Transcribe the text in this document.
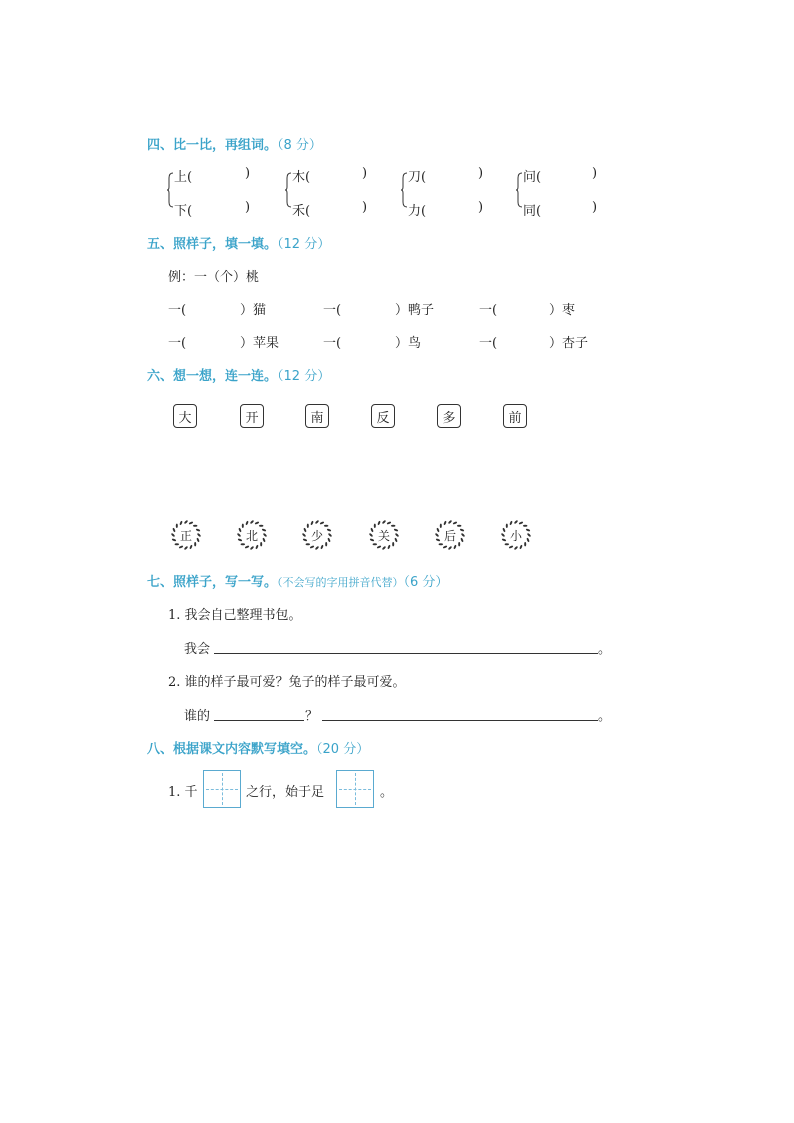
四、比一比，再组词。（8 分）
上(	)
下(	)
木(	)
禾(	)
刀(	)
力(	)
问(	)
同(	)
五、照样子，填一填。（12 分）
例：一（个）桃
一(	）猫	一(	）鸭子	一(	）枣
一(	）苹果	一(	）鸟	一(	）杏子
六、想一想，连一连。（12 分）
大	开	南	反	多	前
正	北	少	关	后	小
七、照样子，写一写。（不会写的字用拼音代替）（6 分）
1. 我会自己整理书包。
我会	。
2. 谁的样子最可爱？兔子的样子最可爱。
谁的	？	。
八、根据课文内容默写填空。（20 分）
1. 千	之行，始于足	。
